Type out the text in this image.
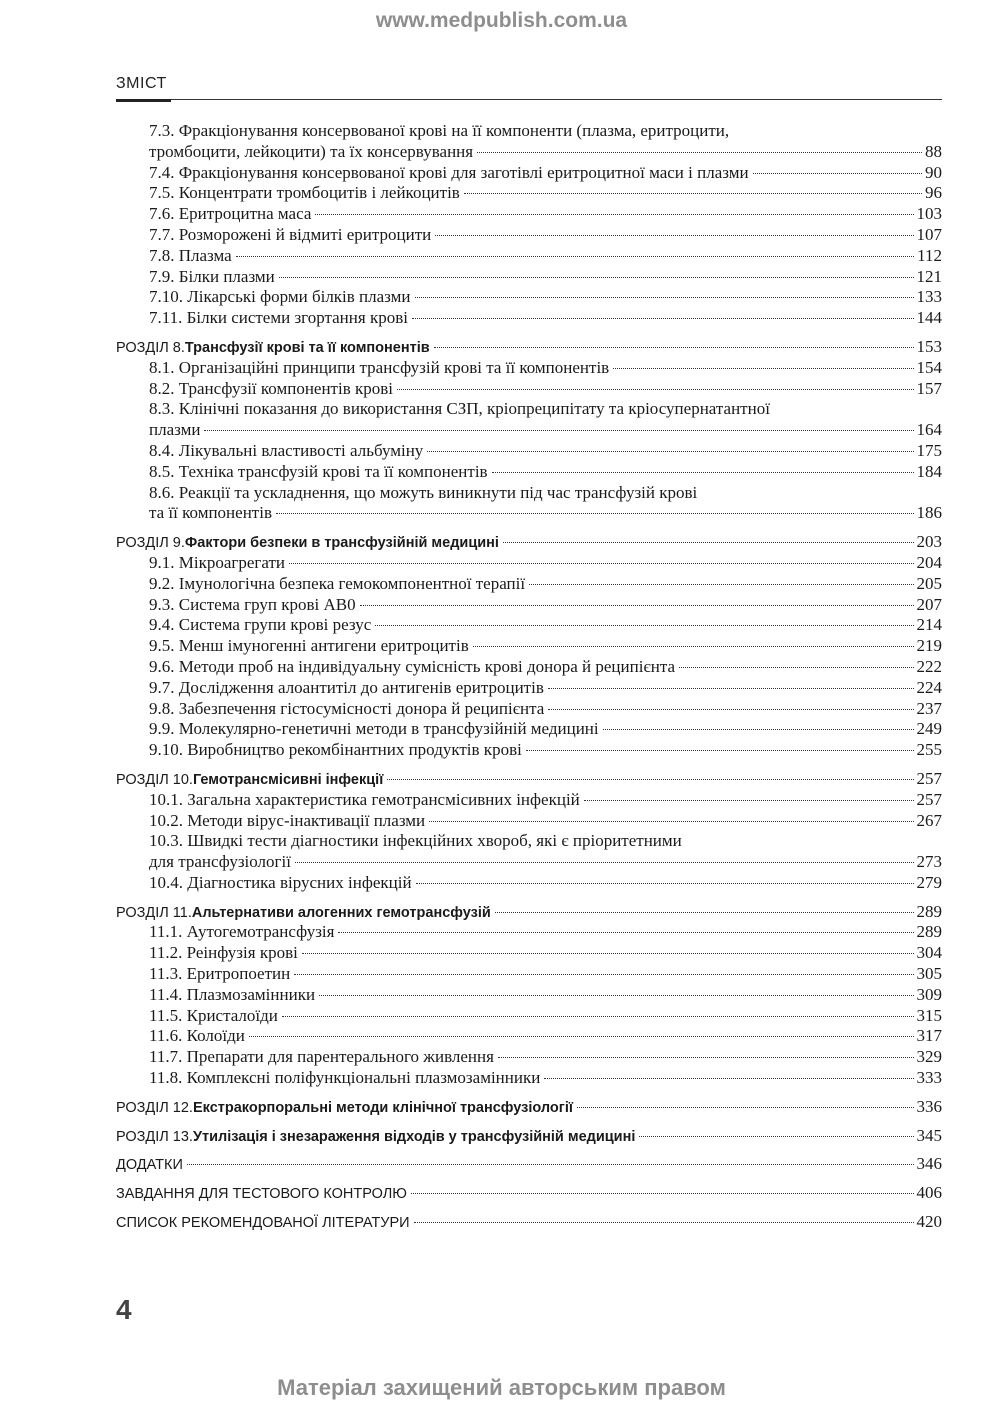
www.medpublish.com.ua
ЗМІСТ
7.3. Фракціонування консервованої крові на її компоненти (плазма, еритроцити,
тромбоцити, лейкоцити) та їх консервування	88
7.4. Фракціонування консервованої крові для заготівлі еритроцитної маси і плазми	90
7.5. Концентрати тромбоцитів і лейкоцитів	96
7.6. Еритроцитна маса	103
7.7. Розморожені й відмиті еритроцити	107
7.8. Плазма	112
7.9. Білки плазми	121
7.10. Лікарські форми білків плазми	133
7.11. Білки системи згортання крові	144
РОЗДІЛ 8. Трансфузії крові та її компонентів	153
8.1. Організаційні принципи трансфузій крові та її компонентів	154
8.2. Трансфузії компонентів крові	157
8.3. Клінічні показання до використання СЗП, кріопреципітату та кріосупернатантної
плазми	164
8.4. Лікувальні властивості альбуміну	175
8.5. Техніка трансфузій крові та її компонентів	184
8.6. Реакції та ускладнення, що можуть виникнути під час трансфузій крові
та її компонентів	186
РОЗДІЛ 9. Фактори безпеки в трансфузійній медицині	203
9.1. Мікроагрегати	204
9.2. Імунологічна безпека гемокомпонентної терапії	205
9.3. Система груп крові АВ0	207
9.4. Система групи крові резус	214
9.5. Менш імуногенні антигени еритроцитів	219
9.6. Методи проб на індивідуальну сумісність крові донора й реципієнта	222
9.7. Дослідження алоантитіл до антигенів еритроцитів	224
9.8. Забезпечення гістосумісності донора й реципієнта	237
9.9. Молекулярно-генетичні методи в трансфузійній медицині	249
9.10. Виробництво рекомбінантних продуктів крові	255
РОЗДІЛ 10. Гемотрансмісивні інфекції	257
10.1. Загальна характеристика гемотрансмісивних інфекцій	257
10.2. Методи вірус-інактивації плазми	267
10.3. Швидкі тести діагностики інфекційних хвороб, які є пріоритетними
для трансфузіології	273
10.4. Діагностика вірусних інфекцій	279
РОЗДІЛ 11. Альтернативи алогенних гемотрансфузій	289
11.1. Аутогемотрансфузія	289
11.2. Реінфузія крові	304
11.3. Еритропоетин	305
11.4. Плазмозамінники	309
11.5. Кристалоїди	315
11.6. Колоїди	317
11.7. Препарати для парентерального живлення	329
11.8. Комплексні поліфункціональні плазмозамінники	333
РОЗДІЛ 12. Екстракорпоральні методи клінічної трансфузіології	336
РОЗДІЛ 13. Утилізація і знезараження відходів у трансфузійній медицині	345
ДОДАТКИ	346
ЗАВДАННЯ ДЛЯ ТЕСТОВОГО КОНТРОЛЮ	406
СПИСОК РЕКОМЕНДОВАНОЇ ЛІТЕРАТУРИ	420
4
Матеріал захищений авторським правом
